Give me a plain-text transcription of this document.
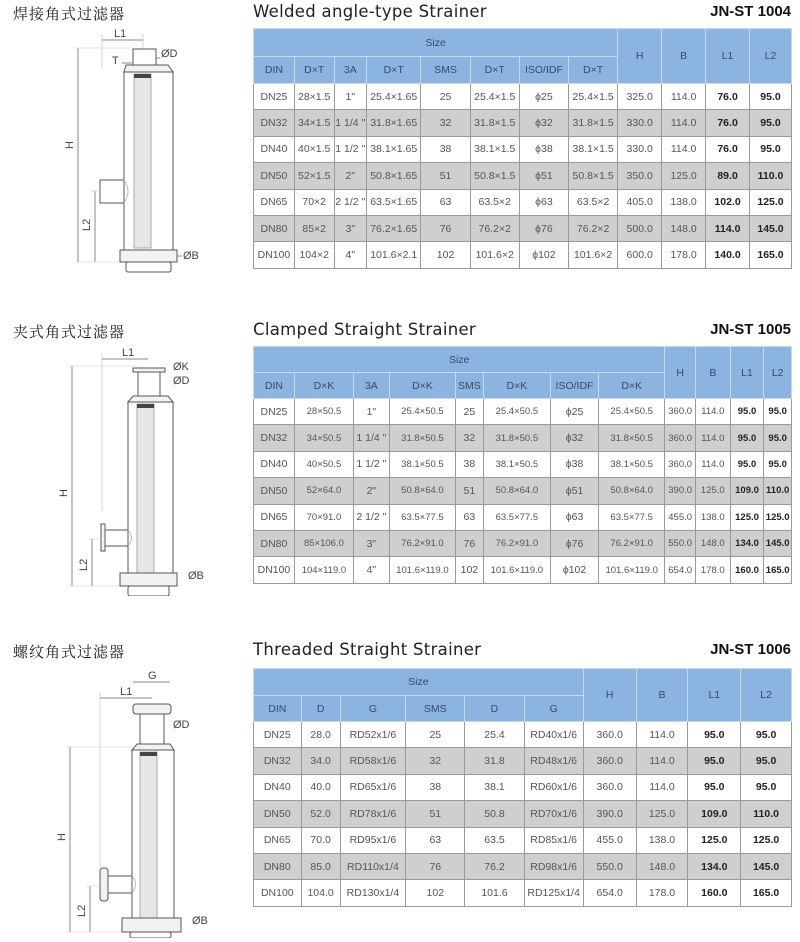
焊接角式过滤器	Welded angle-type Strainer	JN-ST 1004
L1
ØD
T
H
L2
ØB
Size								H	B	L1	L2
DIN	D×T	3A	D×T	SMS	D×T	ISO/IDF	D×T				
DN25	28×1.5	1"	25.4×1.65	25	25.4×1.5	ϕ25	25.4×1.5	325.0	114.0	76.0	95.0
DN32	34×1.5	1 1/4 "	31.8×1.65	32	31.8×1.5	ϕ32	31.8×1.5	330.0	114.0	76.0	95.0
DN40	40×1.5	1 1/2 "	38.1×1.65	38	38.1×1.5	ϕ38	38.1×1.5	330.0	114.0	76.0	95.0
DN50	52×1.5	2"	50.8×1.65	51	50.8×1.5	ϕ51	50.8×1.5	350.0	125.0	89.0	110.0
DN65	70×2	2 1/2 "	63.5×1.65	63	63.5×2	ϕ63	63.5×2	405.0	138.0	102.0	125.0
DN80	85×2	3"	76.2×1.65	76	76.2×2	ϕ76	76.2×2	500.0	148.0	114.0	145.0
DN100	104×2	4"	101.6×2.1	102	101.6×2	ϕ102	101.6×2	600.0	178.0	140.0	165.0
夹式角式过滤器	Clamped Straight Strainer	JN-ST 1005
L1
ØK
ØD
H
L2
ØB
Size								H	B	L1	L2
DIN	D×K	3A	D×K	SMS	D×K	ISO/IDF	D×K				
DN25	28×50.5	1"	25.4×50.5	25	25.4×50.5	ϕ25	25.4×50.5	360.0	114.0	95.0	95.0
DN32	34×50.5	1 1/4 "	31.8×50.5	32	31.8×50.5	ϕ32	31.8×50.5	360.0	114.0	95.0	95.0
DN40	40×50.5	1 1/2 "	38.1×50.5	38	38.1×50.5	ϕ38	38.1×50.5	360.0	114.0	95.0	95.0
DN50	52×64.0	2"	50.8×64.0	51	50.8×64.0	ϕ51	50.8×64.0	390.0	125.0	109.0	110.0
DN65	70×91.0	2 1/2 "	63.5×77.5	63	63.5×77.5	ϕ63	63.5×77.5	455.0	138.0	125.0	125.0
DN80	85×106.0	3"	76.2×91.0	76	76.2×91.0	ϕ76	76.2×91.0	550.0	148.0	134.0	145.0
DN100	104×119.0	4"	101.6×119.0	102	101.6×119.0	ϕ102	101.6×119.0	654.0	178.0	160.0	165.0
螺纹角式过滤器	Threaded Straight Strainer	JN-ST 1006
G
L1
ØD
H
L2
ØB
Size						H	B	L1	L2
DIN	D	G	SMS	D	G				
DN25	28.0	RD52x1/6	25	25.4	RD40x1/6	360.0	114.0	95.0	95.0
DN32	34.0	RD58x1/6	32	31.8	RD48x1/6	360.0	114.0	95.0	95.0
DN40	40.0	RD65x1/6	38	38.1	RD60x1/6	360.0	114.0	95.0	95.0
DN50	52.0	RD78x1/6	51	50.8	RD70x1/6	390.0	125.0	109.0	110.0
DN65	70.0	RD95x1/6	63	63.5	RD85x1/6	455.0	138.0	125.0	125.0
DN80	85.0	RD110x1/4	76	76.2	RD98x1/6	550.0	148.0	134.0	145.0
DN100	104.0	RD130x1/4	102	101.6	RD125x1/4	654.0	178.0	160.0	165.0
